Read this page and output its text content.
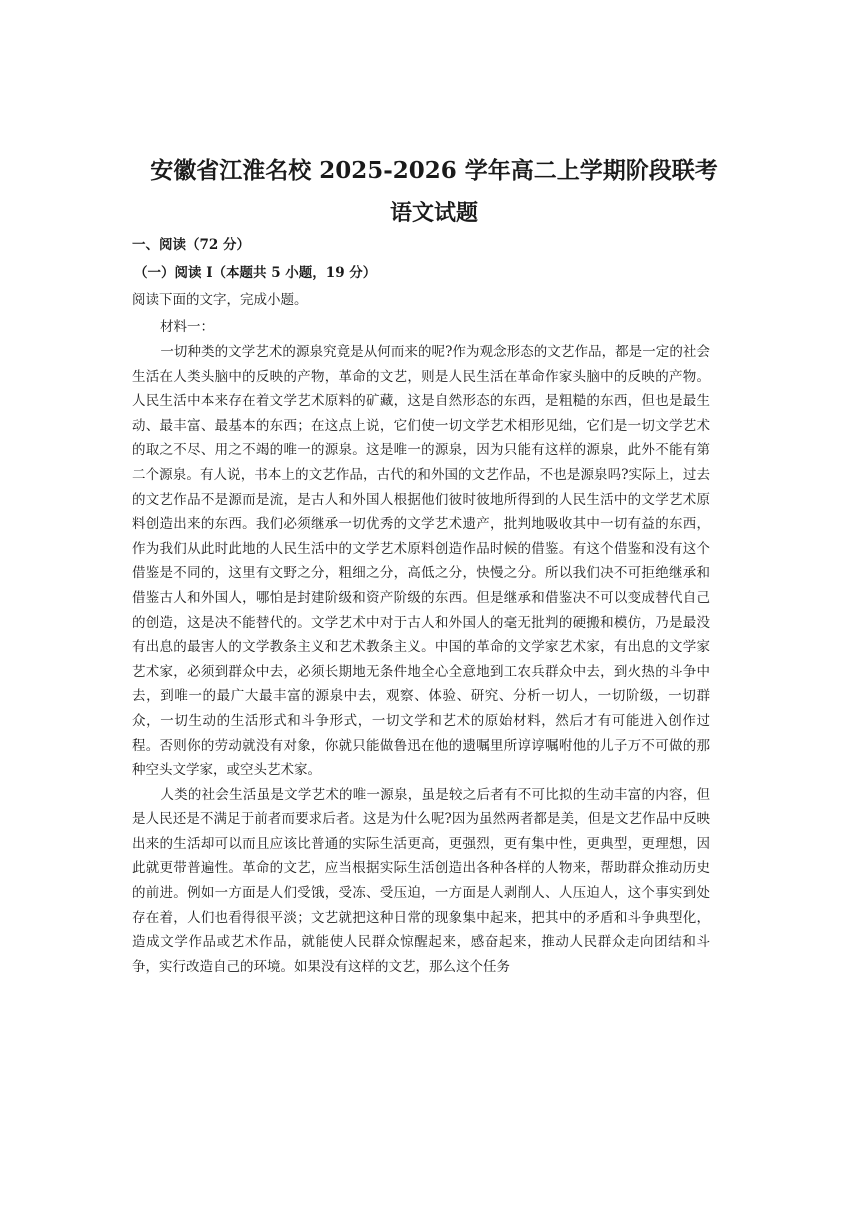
安徽省江淮名校 2025-2026 学年高二上学期阶段联考
语文试题
一、阅读（72 分）
（一）阅读 I（本题共 5 小题，19 分）
阅读下面的文字，完成小题。
材料一：

一切种类的文学艺术的源泉究竟是从何而来的呢?作为观念形态的文艺作品，都是一定的社会生活在人类头脑中的反映的产物，革命的文艺，则是人民生活在革命作家头脑中的反映的产物。人民生活中本来存在着文学艺术原料的矿藏，这是自然形态的东西，是粗糙的东西，但也是最生动、最丰富、最基本的东西；在这点上说，它们使一切文学艺术相形见绌，它们是一切文学艺术的取之不尽、用之不竭的唯一的源泉。这是唯一的源泉，因为只能有这样的源泉，此外不能有第二个源泉。有人说，书本上的文艺作品，古代的和外国的文艺作品，不也是源泉吗?实际上，过去的文艺作品不是源而是流，是古人和外国人根据他们彼时彼地所得到的人民生活中的文学艺术原料创造出来的东西。我们必须继承一切优秀的文学艺术遗产，批判地吸收其中一切有益的东西，作为我们从此时此地的人民生活中的文学艺术原料创造作品时候的借鉴。有这个借鉴和没有这个借鉴是不同的，这里有文野之分，粗细之分，高低之分，快慢之分。所以我们决不可拒绝继承和借鉴古人和外国人，哪怕是封建阶级和资产阶级的东西。但是继承和借鉴决不可以变成替代自己的创造，这是决不能替代的。文学艺术中对于古人和外国人的毫无批判的硬搬和模仿，乃是最没有出息的最害人的文学教条主义和艺术教条主义。中国的革命的文学家艺术家，有出息的文学家艺术家，必须到群众中去，必须长期地无条件地全心全意地到工农兵群众中去，到火热的斗争中去，到唯一的最广大最丰富的源泉中去，观察、体验、研究、分析一切人，一切阶级，一切群众，一切生动的生活形式和斗争形式，一切文学和艺术的原始材料，然后才有可能进入创作过程。否则你的劳动就没有对象，你就只能做鲁迅在他的遗嘱里所谆谆嘱咐他的儿子万不可做的那种空头文学家，或空头艺术家。

人类的社会生活虽是文学艺术的唯一源泉，虽是较之后者有不可比拟的生动丰富的内容，但是人民还是不满足于前者而要求后者。这是为什么呢?因为虽然两者都是美，但是文艺作品中反映出来的生活却可以而且应该比普通的实际生活更高，更强烈，更有集中性，更典型，更理想，因此就更带普遍性。革命的文艺，应当根据实际生活创造出各种各样的人物来，帮助群众推动历史的前进。例如一方面是人们受饿，受冻、受压迫，一方面是人剥削人、人压迫人，这个事实到处存在着，人们也看得很平淡；文艺就把这种日常的现象集中起来，把其中的矛盾和斗争典型化，造成文学作品或艺术作品，就能使人民群众惊醒起来，感奋起来，推动人民群众走向团结和斗争，实行改造自己的环境。如果没有这样的文艺，那么这个任务
